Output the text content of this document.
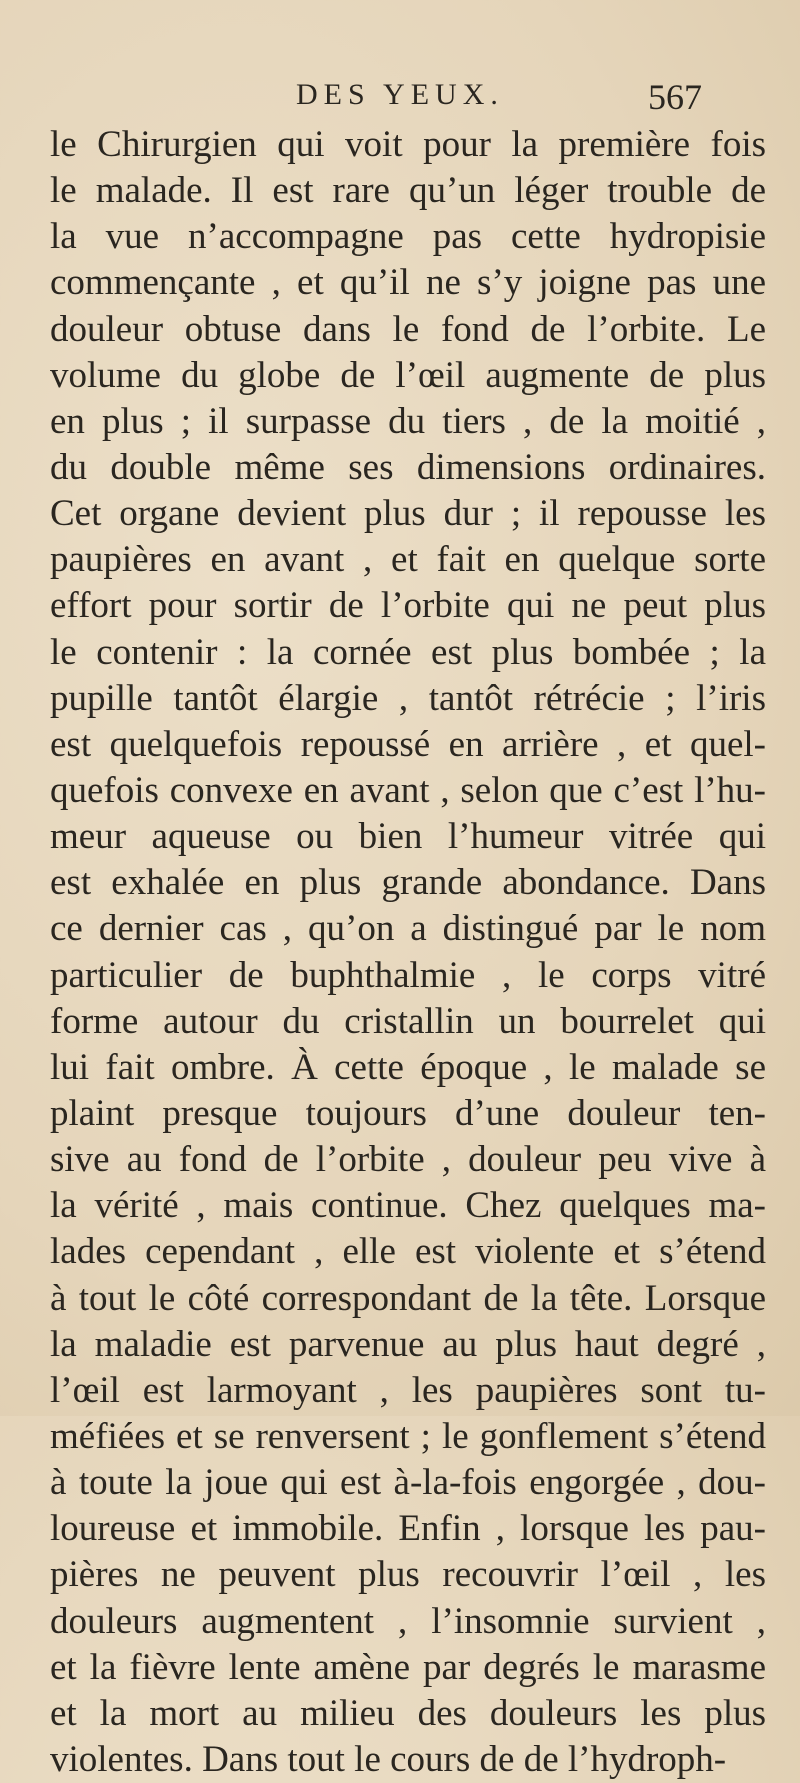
DES YEUX.	567
le Chirurgien qui voit pour la première fois
le malade. Il est rare qu’un léger trouble de
la vue n’accompagne pas cette hydropisie
commençante , et qu’il ne s’y joigne pas une
douleur obtuse dans le fond de l’orbite. Le
volume du globe de l’œil augmente de plus
en plus ; il surpasse du tiers , de la moitié ,
du double même ses dimensions ordinaires.
Cet organe devient plus dur ; il repousse les
paupières en avant , et fait en quelque sorte
effort pour sortir de l’orbite qui ne peut plus
le contenir : la cornée est plus bombée ; la
pupille tantôt élargie , tantôt rétrécie ; l’iris
est quelquefois repoussé en arrière , et quel-
quefois convexe en avant , selon que c’est l’hu-
meur aqueuse ou bien l’humeur vitrée qui
est exhalée en plus grande abondance. Dans
ce dernier cas , qu’on a distingué par le nom
particulier de buphthalmie , le corps vitré
forme autour du cristallin un bourrelet qui
lui fait ombre. À cette époque , le malade se
plaint presque toujours d’une douleur ten-
sive au fond de l’orbite , douleur peu vive à
la vérité , mais continue. Chez quelques ma-
lades cependant , elle est violente et s’étend
à tout le côté correspondant de la tête. Lorsque
la maladie est parvenue au plus haut degré ,
l’œil est larmoyant , les paupières sont tu-
méfiées et se renversent ; le gonflement s’étend
à toute la joue qui est à-la-fois engorgée , dou-
loureuse et immobile. Enfin , lorsque les pau-
pières ne peuvent plus recouvrir l’œil , les
douleurs augmentent , l’insomnie survient ,
et la fièvre lente amène par degrés le marasme
et la mort au milieu des douleurs les plus
violentes. Dans tout le cours de de l’hydroph-
